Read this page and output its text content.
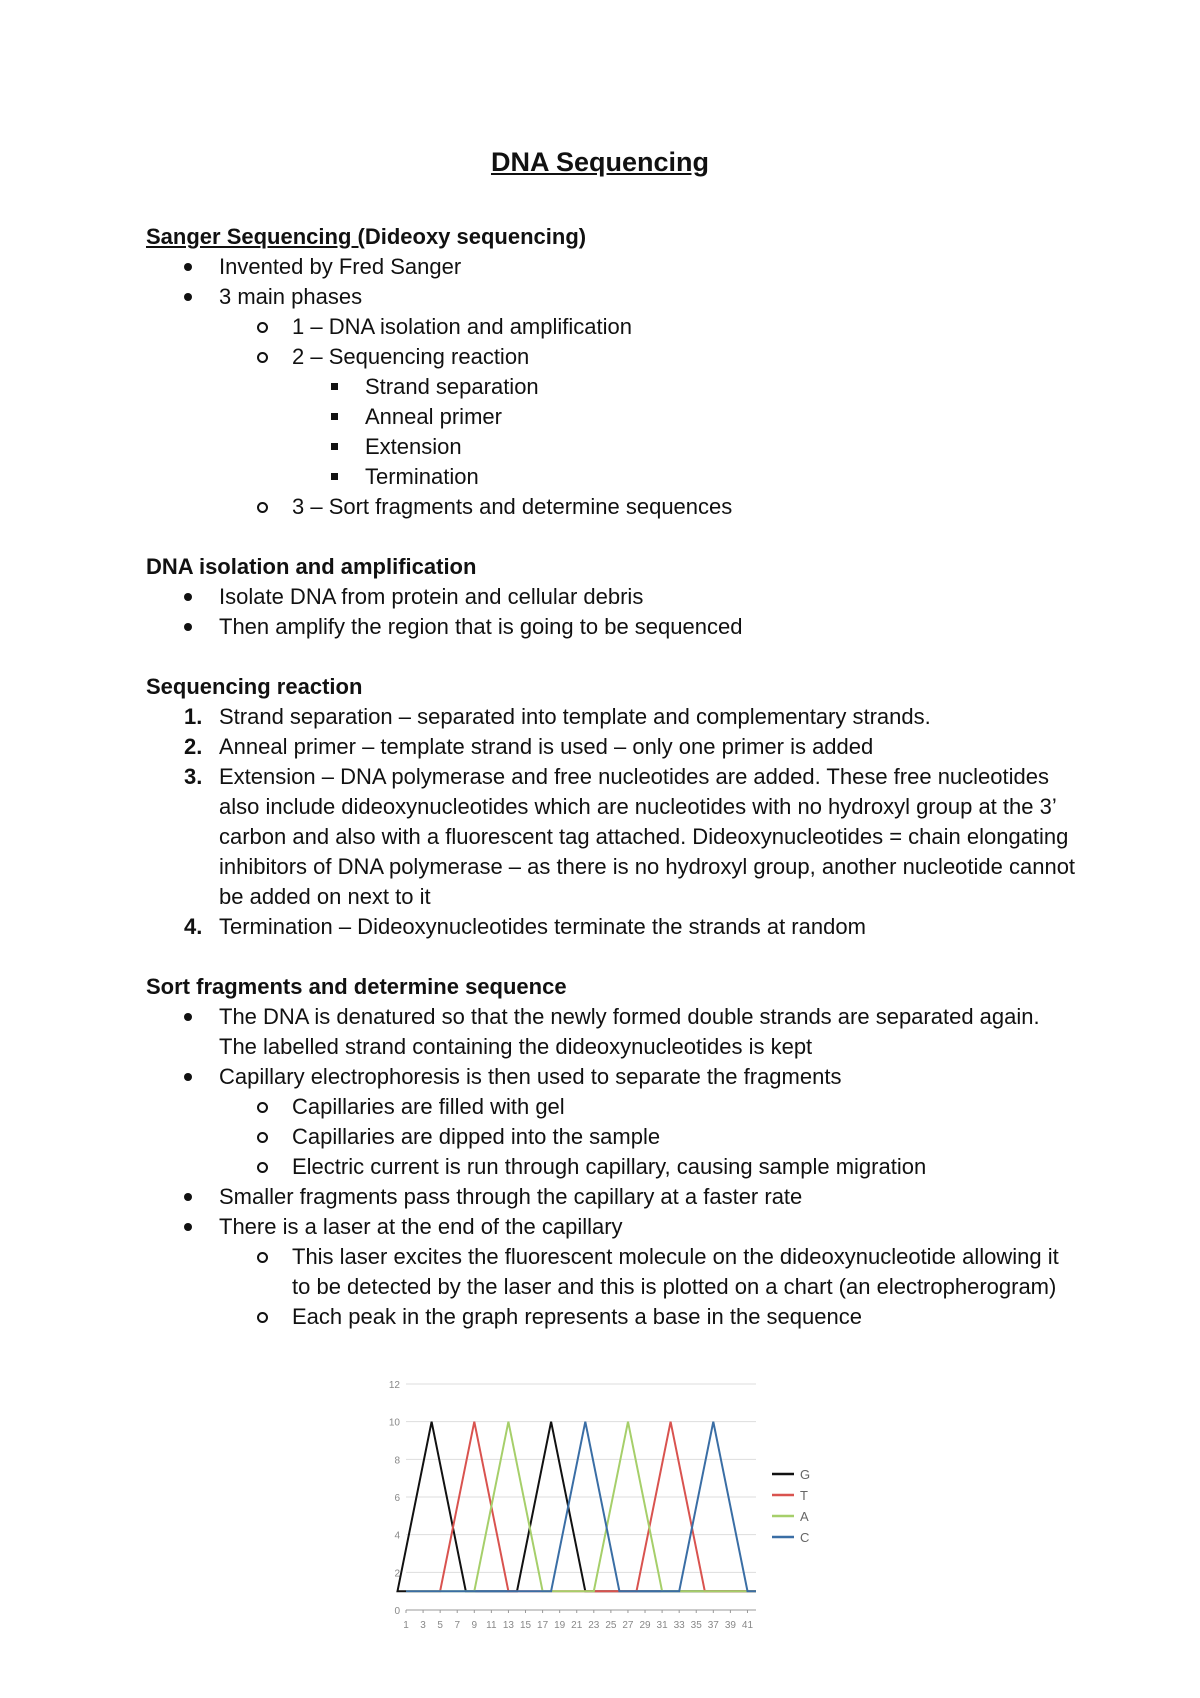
DNA Sequencing

Sanger Sequencing (Dideoxy sequencing)

Invented by Fred Sanger
3 main phases
1 – DNA isolation and amplification
2 – Sequencing reaction
Strand separation
Anneal primer
Extension
Termination
3 – Sort fragments and determine sequences

DNA isolation and amplification

Isolate DNA from protein and cellular debris
Then amplify the region that is going to be sequenced

Sequencing reaction

1. Strand separation – separated into template and complementary strands.
2. Anneal primer – template strand is used – only one primer is added
3. Extension – DNA polymerase and free nucleotides are added. These free nucleotides also include dideoxynucleotides which are nucleotides with no hydroxyl group at the 3’ carbon and also with a fluorescent tag attached. Dideoxynucleotides = chain elongating inhibitors of DNA polymerase – as there is no hydroxyl group, another nucleotide cannot be added on next to it
4. Termination – Dideoxynucleotides terminate the strands at random

Sort fragments and determine sequence

The DNA is denatured so that the newly formed double strands are separated again. The labelled strand containing the dideoxynucleotides is kept
Capillary electrophoresis is then used to separate the fragments
Capillaries are filled with gel
Capillaries are dipped into the sample
Electric current is run through capillary, causing sample migration
Smaller fragments pass through the capillary at a faster rate
There is a laser at the end of the capillary
This laser excites the fluorescent molecule on the dideoxynucleotide allowing it to be detected by the laser and this is plotted on a chart (an electropherogram)
Each peak in the graph represents a base in the sequence
0
2
4
6
8
10
12
1 3 5 7 9 11 13 15 17 19 21 23 25 27 29 31 33 35 37 39 41
G
T
A
C
